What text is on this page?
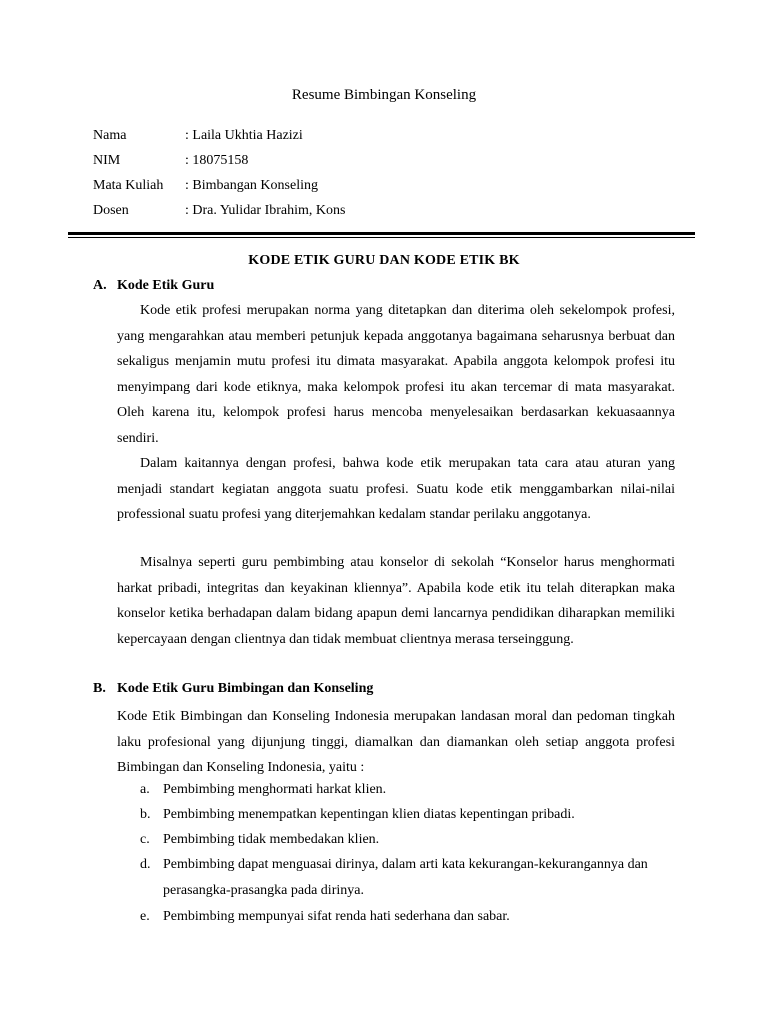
Resume Bimbingan Konseling
Nama	: Laila Ukhtia Hazizi
NIM	: 18075158
Mata Kuliah : Bimbangan Konseling
Dosen	: Dra. Yulidar Ibrahim, Kons
KODE ETIK GURU DAN KODE ETIK BK
A. Kode Etik Guru

Kode etik profesi merupakan norma yang ditetapkan dan diterima oleh sekelompok profesi, yang mengarahkan atau memberi petunjuk kepada anggotanya bagaimana seharusnya berbuat dan sekaligus menjamin mutu profesi itu dimata masyarakat. Apabila anggota kelompok profesi itu menyimpang dari kode etiknya, maka kelompok profesi itu akan tercemar di mata masyarakat. Oleh karena itu, kelompok profesi harus mencoba menyelesaikan berdasarkan kekuasaannya sendiri.

Dalam kaitannya dengan profesi, bahwa kode etik merupakan tata cara atau aturan yang menjadi standart kegiatan anggota suatu profesi. Suatu kode etik menggambarkan nilai-nilai professional suatu profesi yang diterjemahkan kedalam standar perilaku anggotanya.

Misalnya seperti guru pembimbing atau konselor di sekolah “Konselor harus menghormati harkat pribadi, integritas dan keyakinan kliennya”. Apabila kode etik itu telah diterapkan maka konselor ketika berhadapan dalam bidang apapun demi lancarnya pendidikan diharapkan memiliki kepercayaan dengan clientnya dan tidak membuat clientnya merasa terseinggung.

B. Kode Etik Guru Bimbingan dan Konseling

Kode Etik Bimbingan dan Konseling Indonesia merupakan landasan moral dan pedoman tingkah laku profesional yang dijunjung tinggi, diamalkan dan diamankan oleh setiap anggota profesi Bimbingan dan Konseling Indonesia, yaitu :

a. Pembimbing menghormati harkat klien.
b. Pembimbing menempatkan kepentingan klien diatas kepentingan pribadi.
c. Pembimbing tidak membedakan klien.
d. Pembimbing dapat menguasai dirinya, dalam arti kata kekurangan-kekurangannya dan perasangka-prasangka pada dirinya.
e. Pembimbing mempunyai sifat renda hati sederhana dan sabar.
